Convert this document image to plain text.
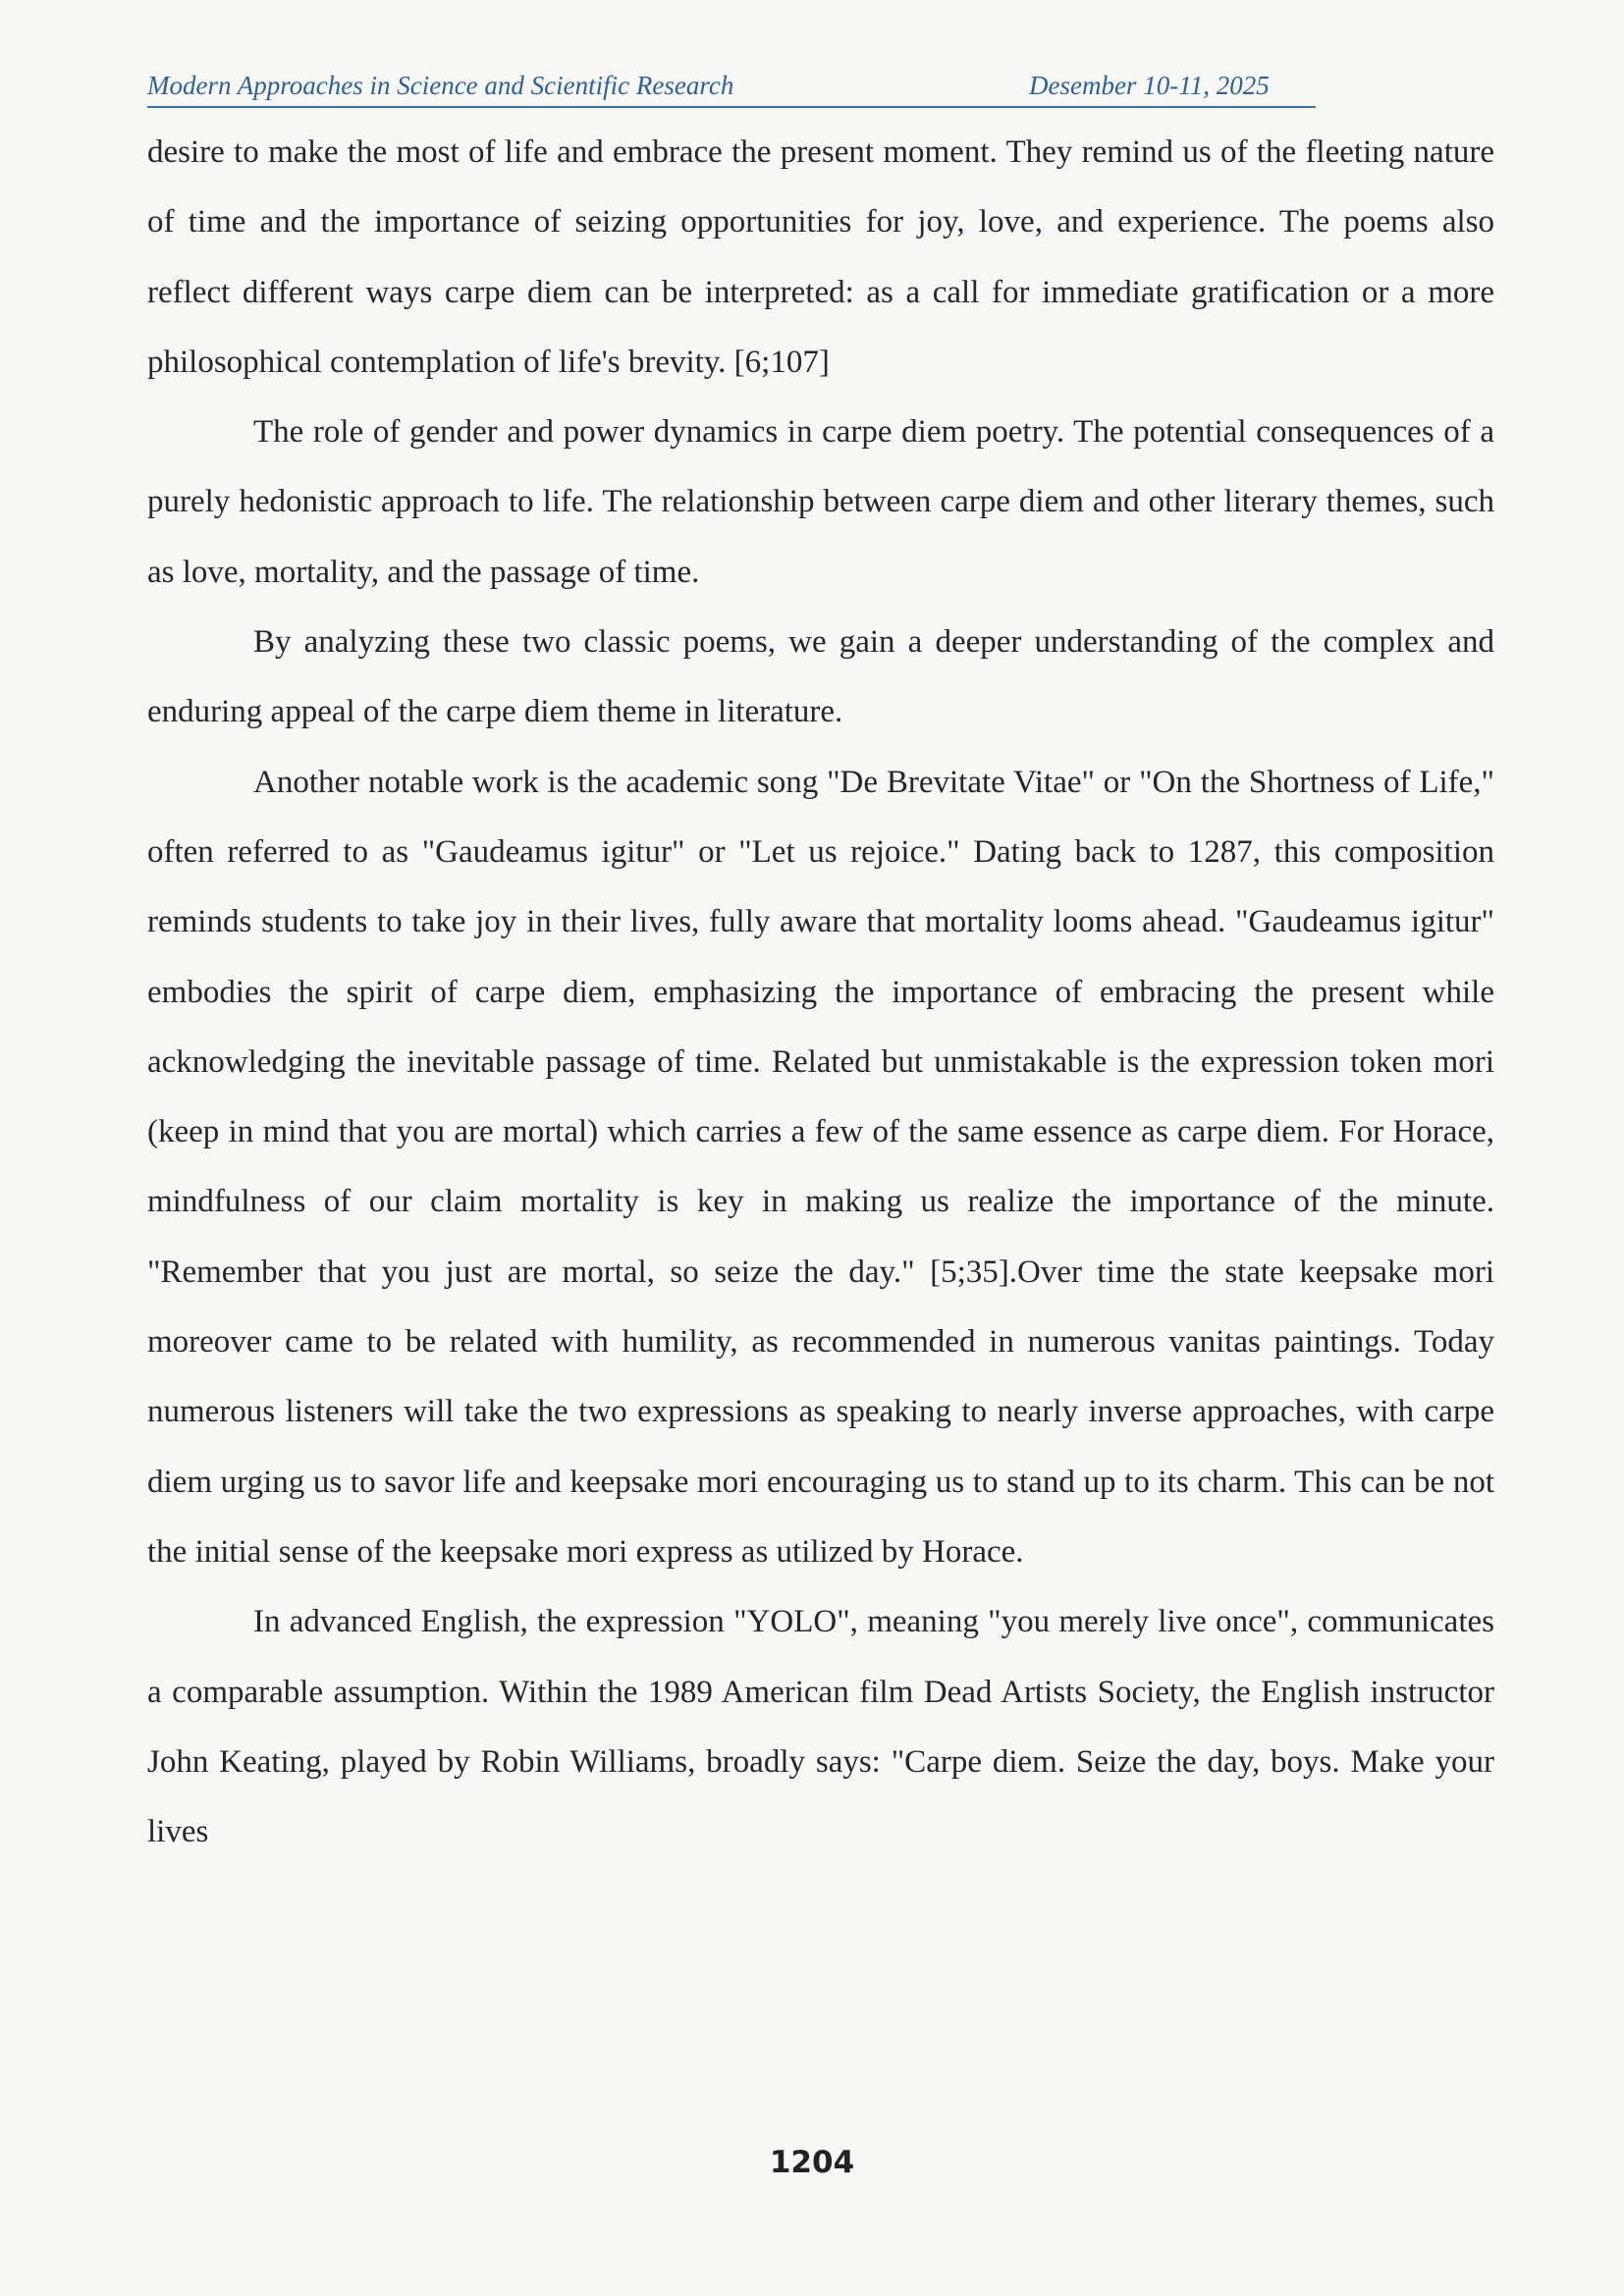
Modern Approaches in Science and Scientific Research	Desember 10-11, 2025

desire to make the most of life and embrace the present moment. They remind us of the fleeting nature of time and the importance of seizing opportunities for joy, love, and experience. The poems also reflect different ways carpe diem can be interpreted: as a call for immediate gratification or a more philosophical contemplation of life's brevity. [6;107]

The role of gender and power dynamics in carpe diem poetry. The potential consequences of a purely hedonistic approach to life. The relationship between carpe diem and other literary themes, such as love, mortality, and the passage of time.

By analyzing these two classic poems, we gain a deeper understanding of the complex and enduring appeal of the carpe diem theme in literature.

Another notable work is the academic song "De Brevitate Vitae" or "On the Shortness of Life," often referred to as "Gaudeamus igitur" or "Let us rejoice." Dating back to 1287, this composition reminds students to take joy in their lives, fully aware that mortality looms ahead. "Gaudeamus igitur" embodies the spirit of carpe diem, emphasizing the importance of embracing the present while acknowledging the inevitable passage of time. Related but unmistakable is the expression token mori (keep in mind that you are mortal) which carries a few of the same essence as carpe diem. For Horace, mindfulness of our claim mortality is key in making us realize the importance of the minute. "Remember that you just are mortal, so seize the day." [5;35].Over time the state keepsake mori moreover came to be related with humility, as recommended in numerous vanitas paintings. Today numerous listeners will take the two expressions as speaking to nearly inverse approaches, with carpe diem urging us to savor life and keepsake mori encouraging us to stand up to its charm. This can be not the initial sense of the keepsake mori express as utilized by Horace.

In advanced English, the expression "YOLO", meaning "you merely live once", communicates a comparable assumption. Within the 1989 American film Dead Artists Society, the English instructor John Keating, played by Robin Williams, broadly says: "Carpe diem. Seize the day, boys. Make your lives

1204
